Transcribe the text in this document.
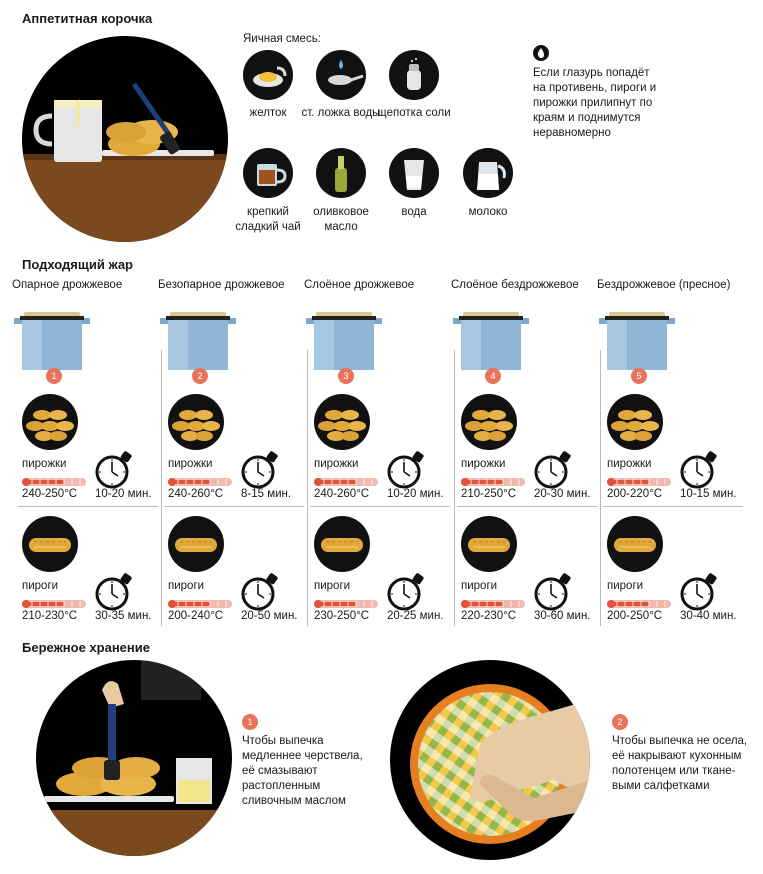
Аппетитная корочка
Яичная смесь:
желток	ст. ложка воды
щепотка соли
крепкий сладкий чай
оливковое масло
вода	молоко
Если глазурь попадёт на противень, пироги и пирожки прилипнут по краям и поднимутся неравномерно
Подходящий жар
Опарное дрожжевое
1
пирожки
240-250°С 10-20 мин.
пироги
210-230°С 30-35 мин.
Безопарное дрожжевое
2
пирожки
240-260°С 8-15 мин.
пироги
200-240°С 20-50 мин.
Слоёное дрожжевое
3
пирожки
240-260°С 10-20 мин.
пироги
230-250°С 20-25 мин.
Слоёное бездрожжевое
4
пирожки
210-250°С 20-30 мин.
пироги
220-230°С 30-60 мин.
Бездрожжевое (пресное)
5
пирожки
200-220°С 10-15 мин.
пироги
200-250°С 30-40 мин.
Бережное хранение
1
Чтобы выпечка медленнее черствела, её смазывают растопленным сливочным маслом
2
Чтобы выпечка не осела, её накрывают кухонным полотенцем или ткане-выми салфетками
